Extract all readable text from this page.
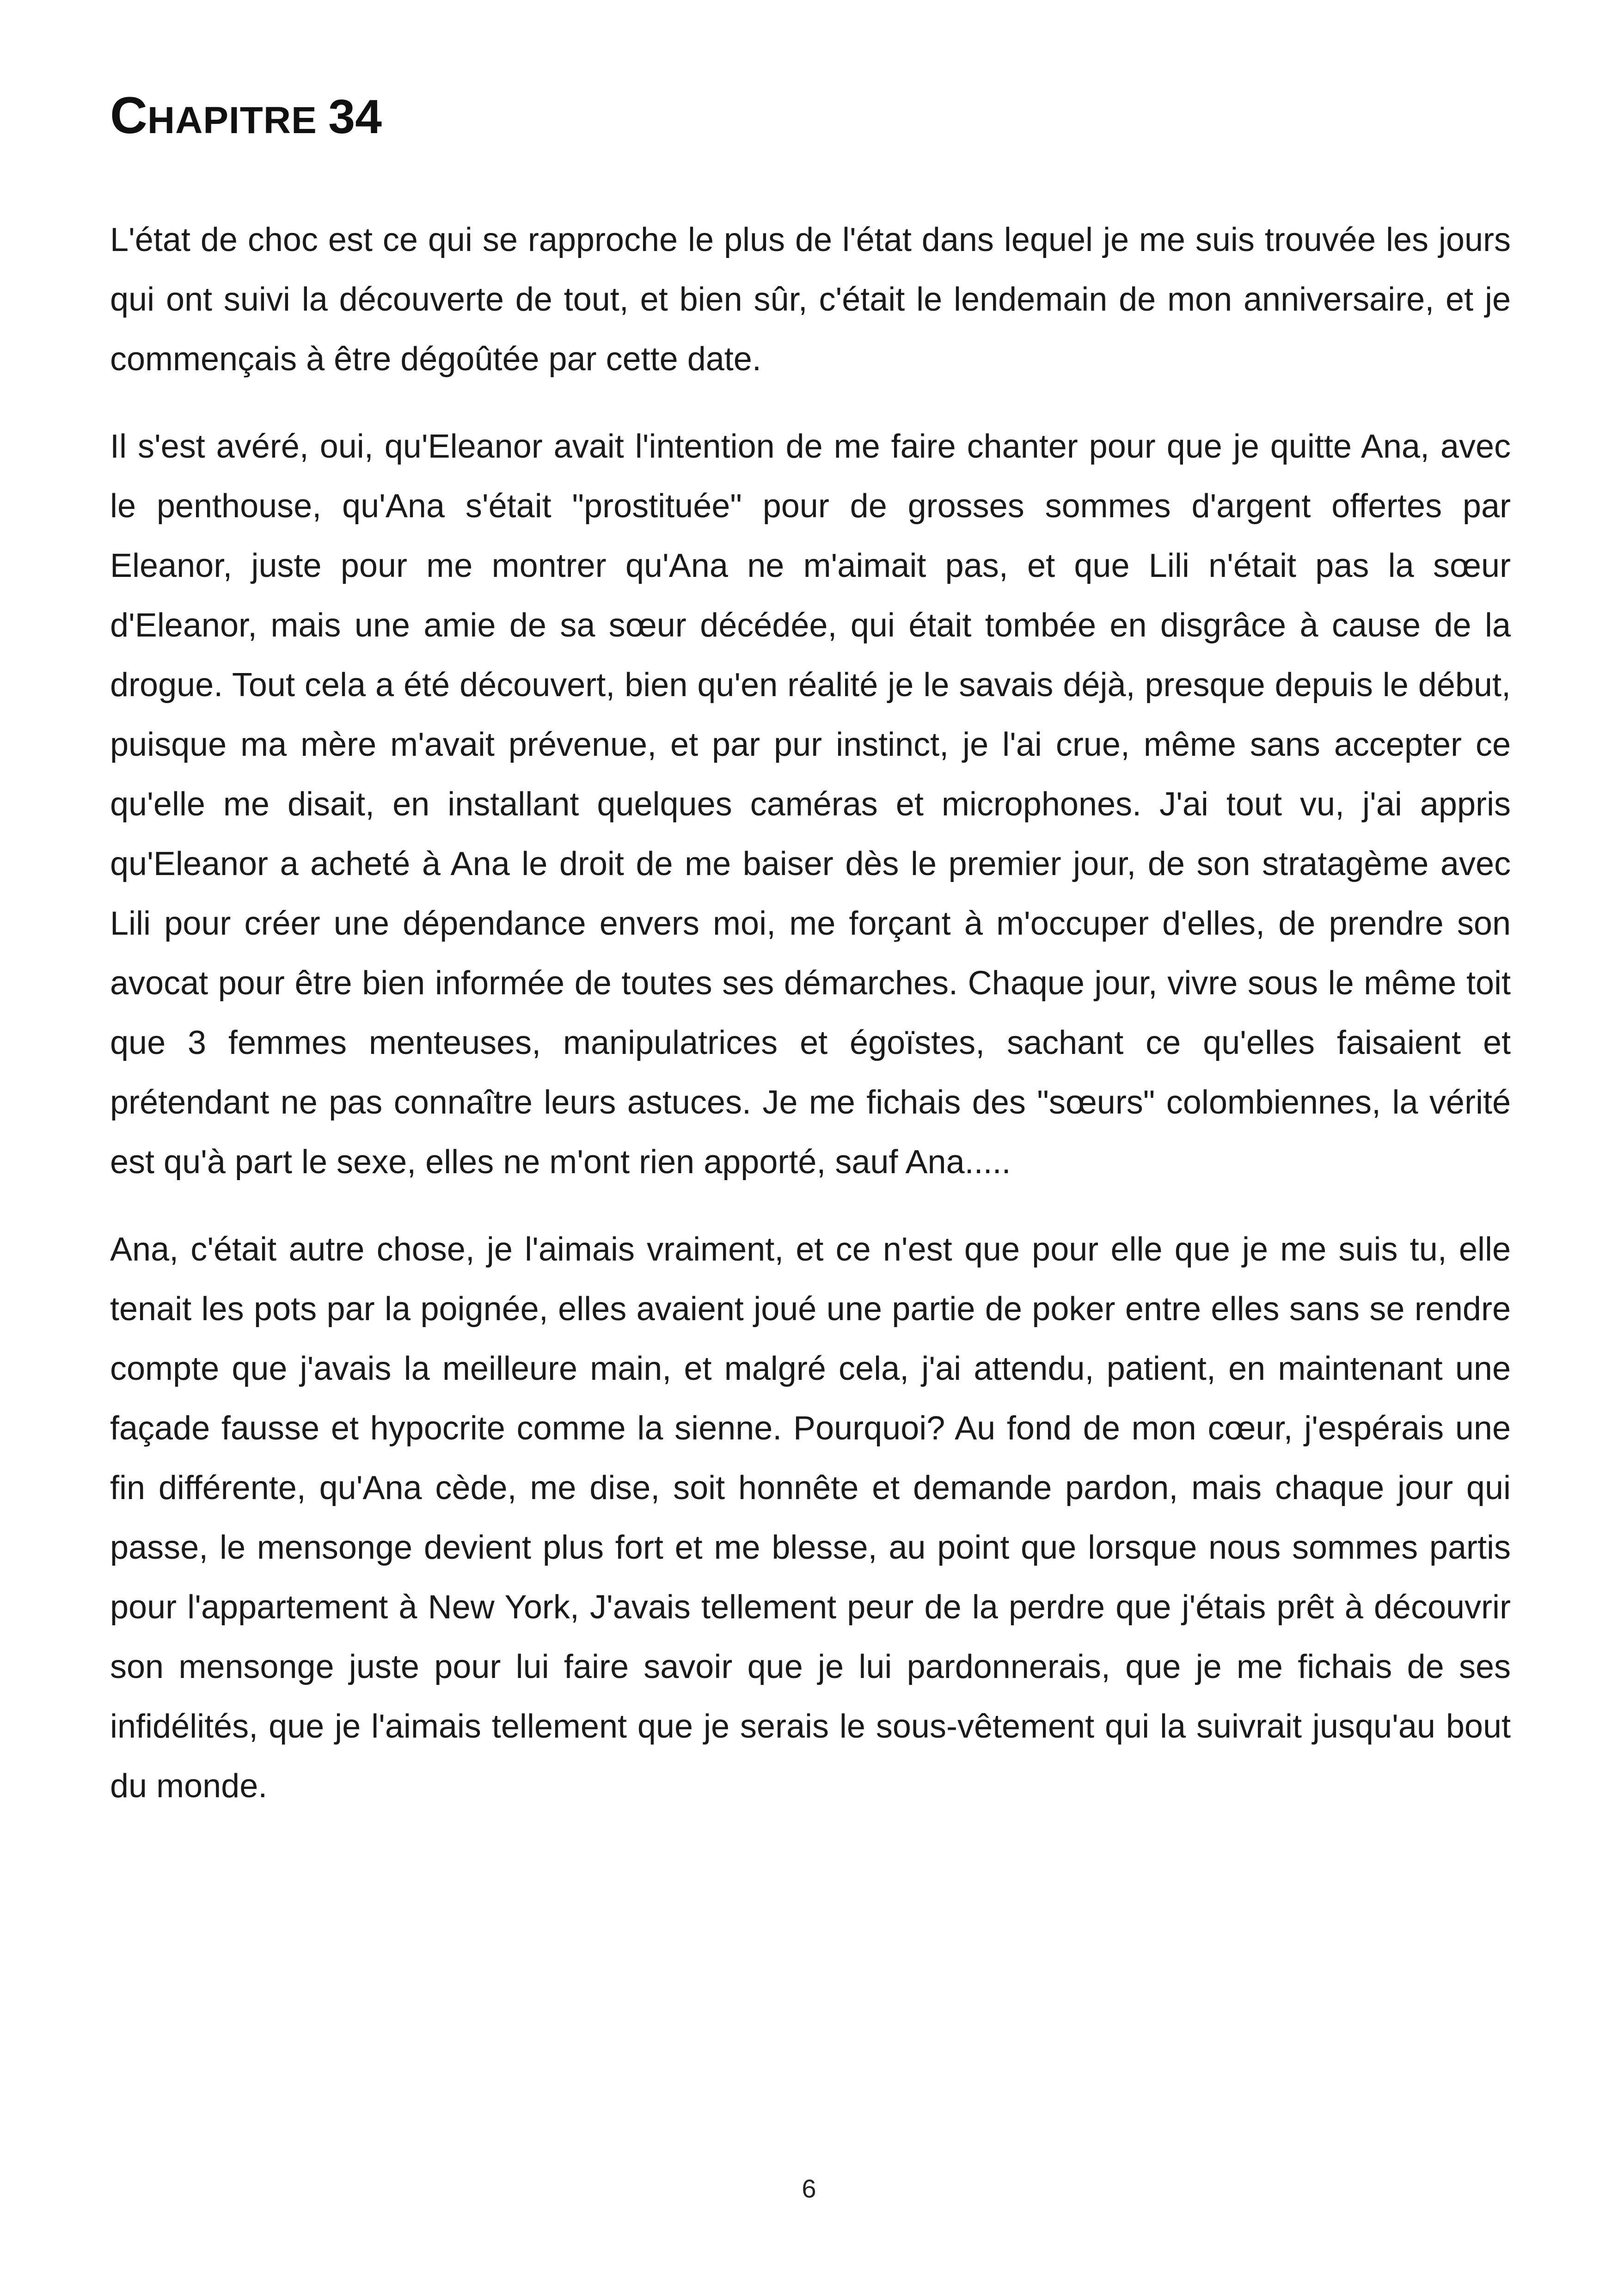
CHAPITRE 34

L'état de choc est ce qui se rapproche le plus de l'état dans lequel je me suis trouvée les jours qui ont suivi la découverte de tout, et bien sûr, c'était le lendemain de mon anniversaire, et je commençais à être dégoûtée par cette date.

Il s'est avéré, oui, qu'Eleanor avait l'intention de me faire chanter pour que je quitte Ana, avec le penthouse, qu'Ana s'était "prostituée" pour de grosses sommes d'argent offertes par Eleanor, juste pour me montrer qu'Ana ne m'aimait pas, et que Lili n'était pas la sœur d'Eleanor, mais une amie de sa sœur décédée, qui était tombée en disgrâce à cause de la drogue. Tout cela a été découvert, bien qu'en réalité je le savais déjà, presque depuis le début, puisque ma mère m'avait prévenue, et par pur instinct, je l'ai crue, même sans accepter ce qu'elle me disait, en installant quelques caméras et microphones. J'ai tout vu, j'ai appris qu'Eleanor a acheté à Ana le droit de me baiser dès le premier jour, de son stratagème avec Lili pour créer une dépendance envers moi, me forçant à m'occuper d'elles, de prendre son avocat pour être bien informée de toutes ses démarches. Chaque jour, vivre sous le même toit que 3 femmes menteuses, manipulatrices et égoïstes, sachant ce qu'elles faisaient et prétendant ne pas connaître leurs astuces. Je me fichais des "sœurs" colombiennes, la vérité est qu'à part le sexe, elles ne m'ont rien apporté, sauf Ana.....

Ana, c'était autre chose, je l'aimais vraiment, et ce n'est que pour elle que je me suis tu, elle tenait les pots par la poignée, elles avaient joué une partie de poker entre elles sans se rendre compte que j'avais la meilleure main, et malgré cela, j'ai attendu, patient, en maintenant une façade fausse et hypocrite comme la sienne. Pourquoi? Au fond de mon cœur, j'espérais une fin différente, qu'Ana cède, me dise, soit honnête et demande pardon, mais chaque jour qui passe, le mensonge devient plus fort et me blesse, au point que lorsque nous sommes partis pour l'appartement à New York, J'avais tellement peur de la perdre que j'étais prêt à découvrir son mensonge juste pour lui faire savoir que je lui pardonnerais, que je me fichais de ses infidélités, que je l'aimais tellement que je serais le sous-vêtement qui la suivrait jusqu'au bout du monde.

6
